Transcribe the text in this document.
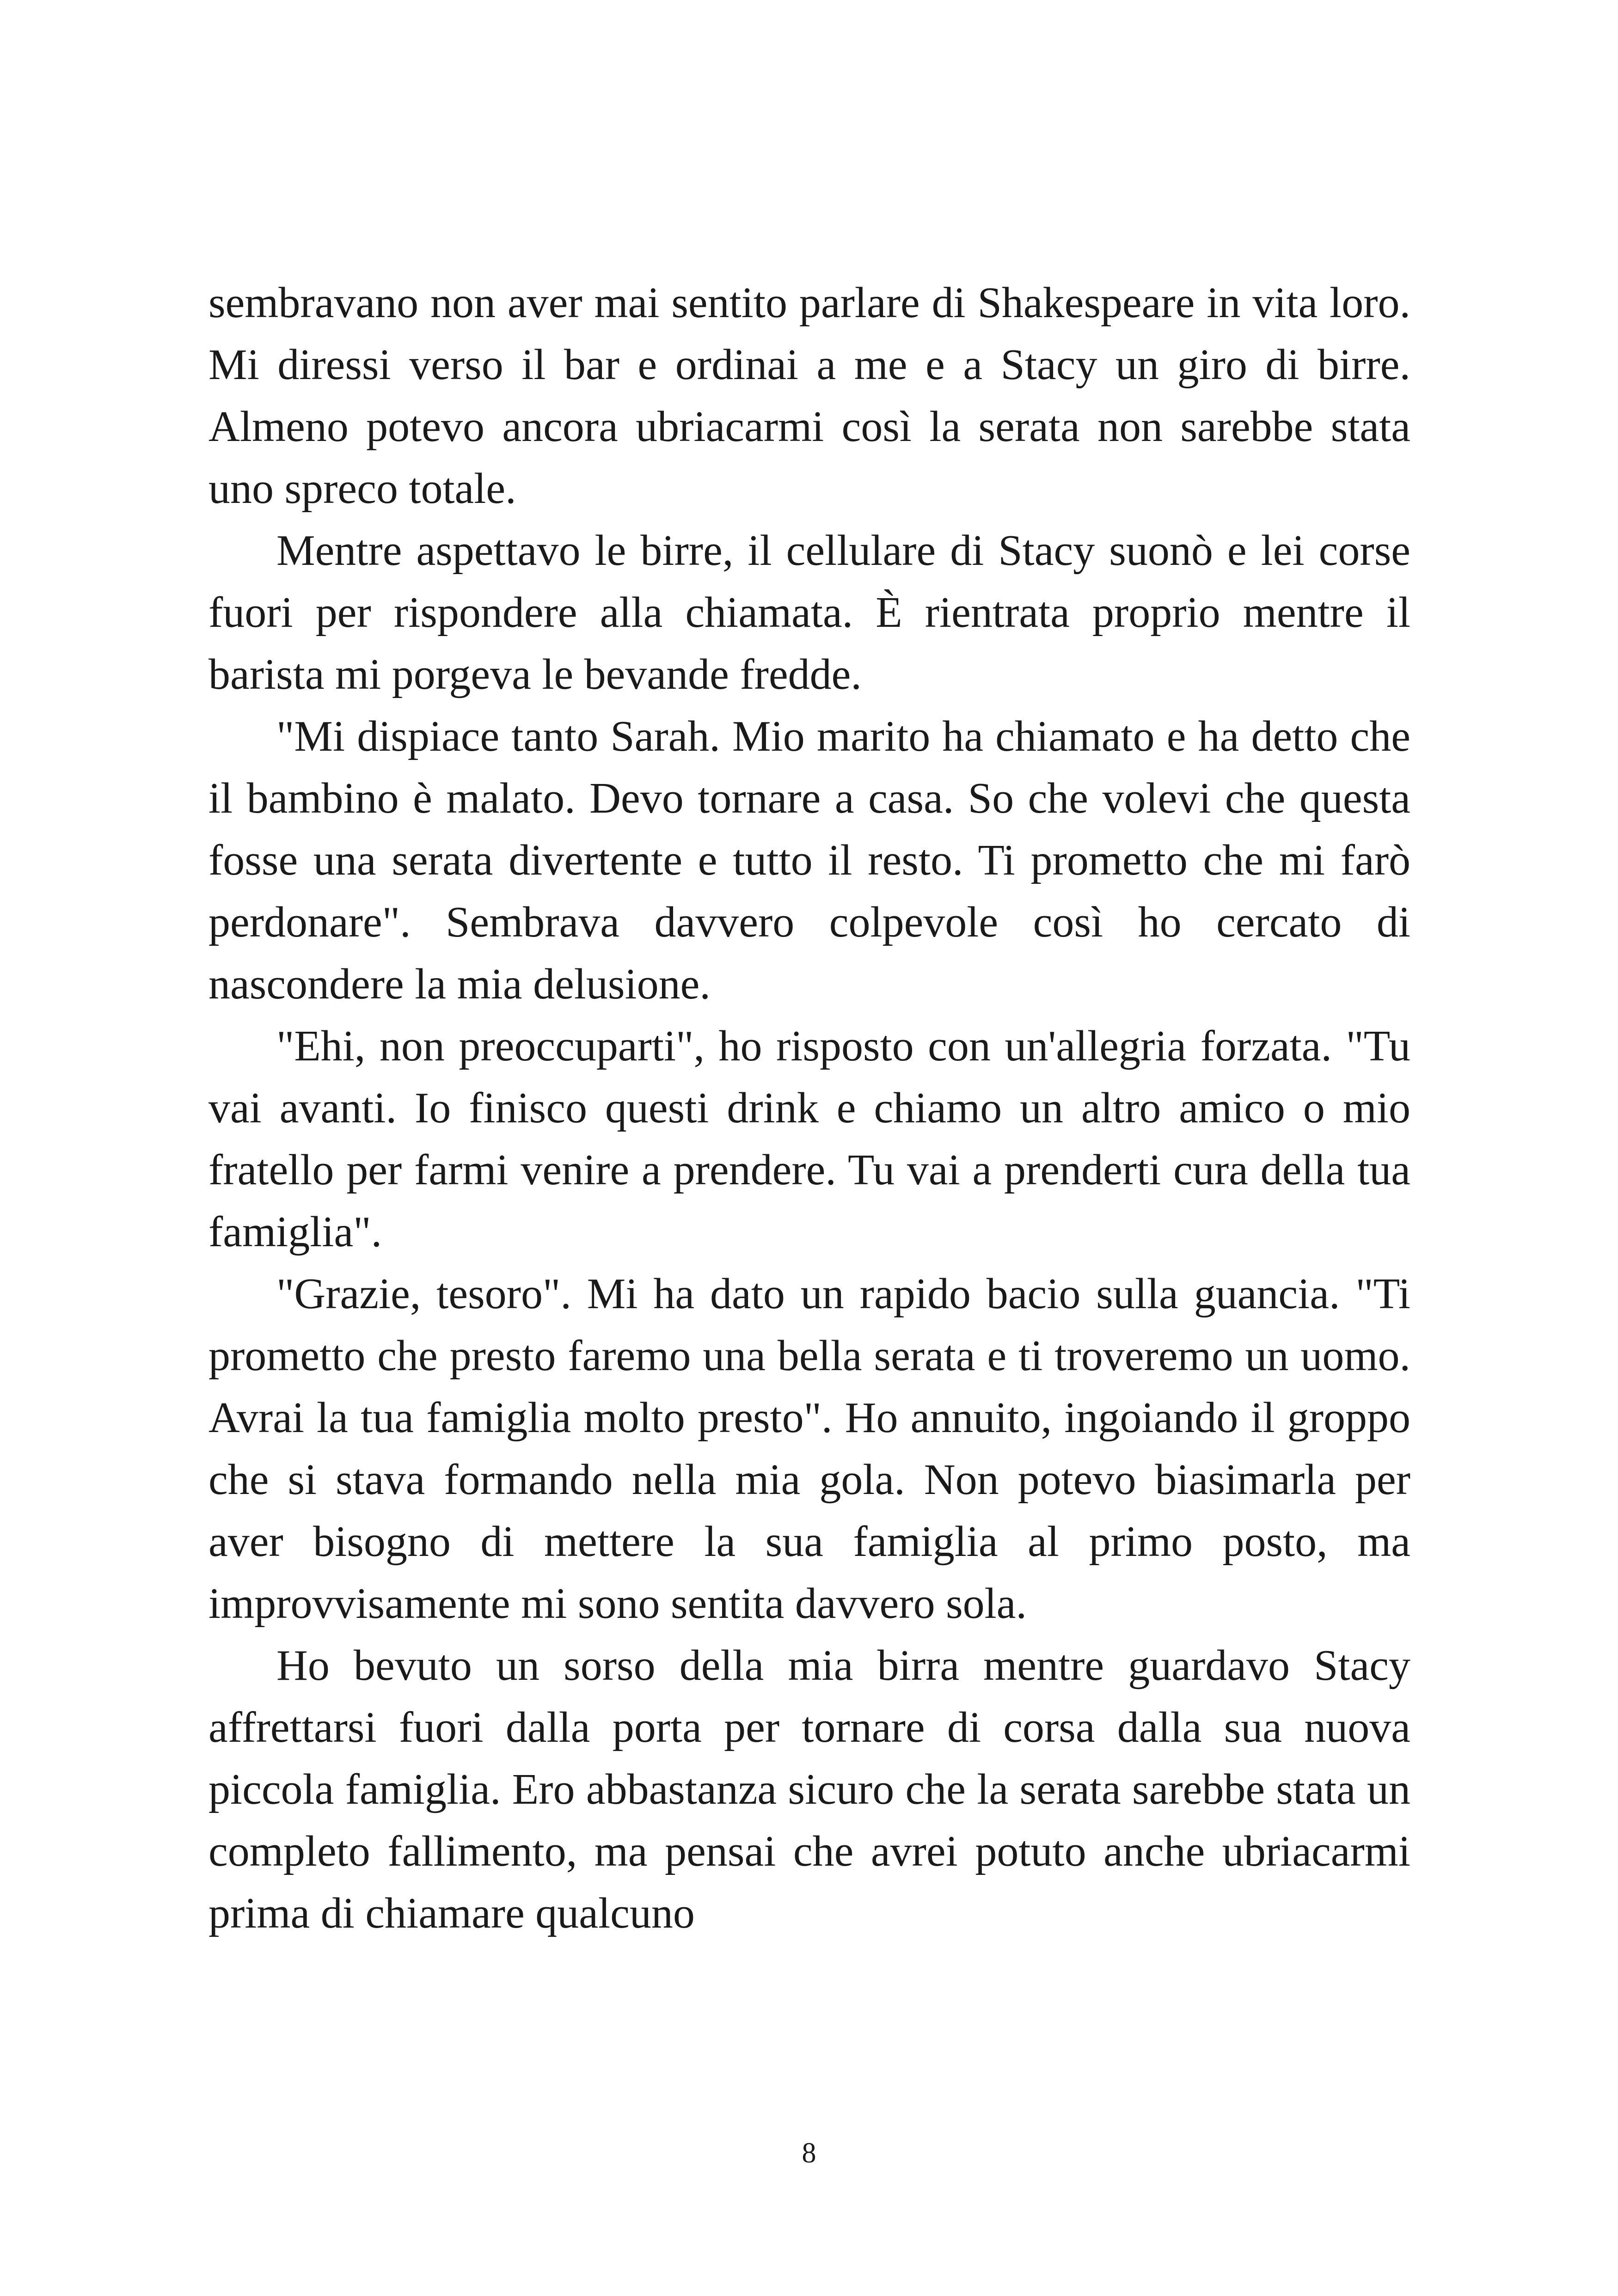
sembravano non aver mai sentito parlare di Shakespeare in vita loro. Mi diressi verso il bar e ordinai a me e a Stacy un giro di birre. Almeno potevo ancora ubriacarmi così la serata non sarebbe stata uno spreco totale.

Mentre aspettavo le birre, il cellulare di Stacy suonò e lei corse fuori per rispondere alla chiamata. È rientrata proprio mentre il barista mi porgeva le bevande fredde.

"Mi dispiace tanto Sarah. Mio marito ha chiamato e ha detto che il bambino è malato. Devo tornare a casa. So che volevi che questa fosse una serata divertente e tutto il resto. Ti prometto che mi farò perdonare". Sembrava davvero colpevole così ho cercato di nascondere la mia delusione.

"Ehi, non preoccuparti", ho risposto con un'allegria forzata. "Tu vai avanti. Io finisco questi drink e chiamo un altro amico o mio fratello per farmi venire a prendere. Tu vai a prenderti cura della tua famiglia".

"Grazie, tesoro". Mi ha dato un rapido bacio sulla guancia. "Ti prometto che presto faremo una bella serata e ti troveremo un uomo. Avrai la tua famiglia molto presto". Ho annuito, ingoiando il groppo che si stava formando nella mia gola. Non potevo biasimarla per aver bisogno di mettere la sua famiglia al primo posto, ma improvvisamente mi sono sentita davvero sola.

Ho bevuto un sorso della mia birra mentre guardavo Stacy affrettarsi fuori dalla porta per tornare di corsa dalla sua nuova piccola famiglia. Ero abbastanza sicuro che la serata sarebbe stata un completo fallimento, ma pensai che avrei potuto anche ubriacarmi prima di chiamare qualcuno

8
